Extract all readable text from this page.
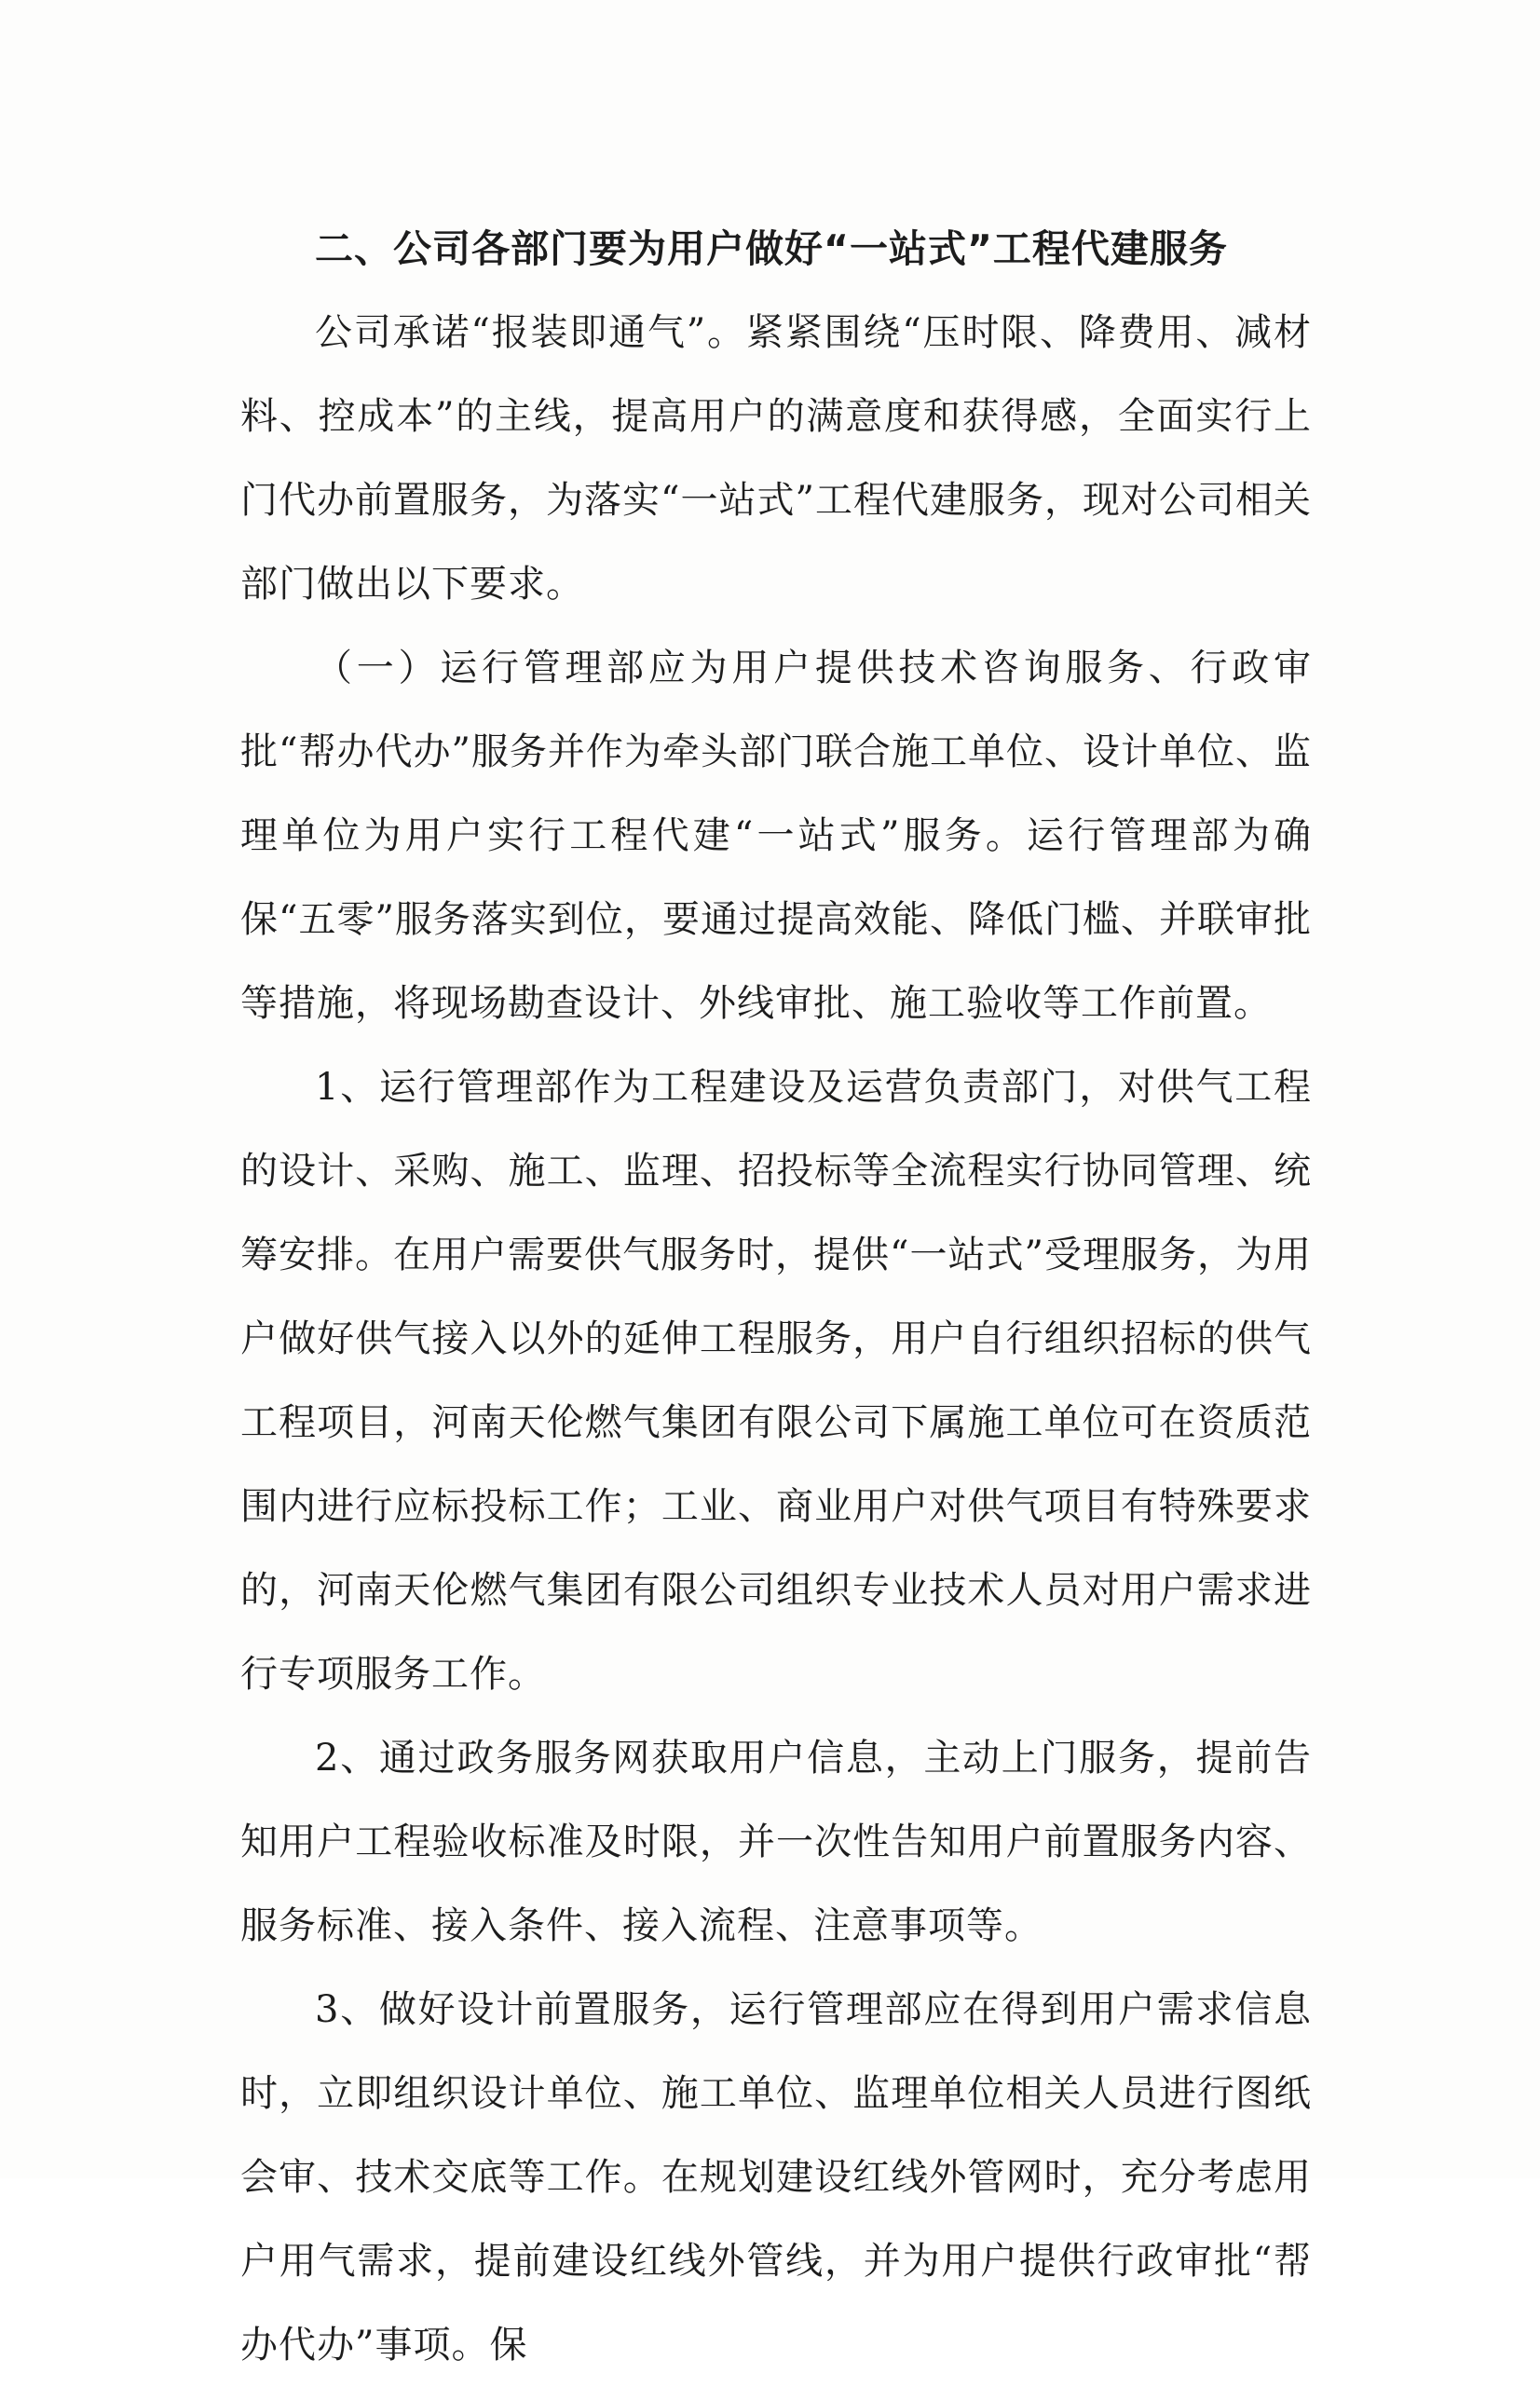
二、公司各部门要为用户做好“一站式”工程代建服务

公司承诺“报装即通气”。紧紧围绕“压时限、降费用、减材料、控成本”的主线，提高用户的满意度和获得感，全面实行上门代办前置服务，为落实“一站式”工程代建服务，现对公司相关部门做出以下要求。

（一）运行管理部应为用户提供技术咨询服务、行政审批“帮办代办”服务并作为牵头部门联合施工单位、设计单位、监理单位为用户实行工程代建“一站式”服务。运行管理部为确保“五零”服务落实到位，要通过提高效能、降低门槛、并联审批等措施，将现场勘查设计、外线审批、施工验收等工作前置。

1、运行管理部作为工程建设及运营负责部门，对供气工程的设计、采购、施工、监理、招投标等全流程实行协同管理、统筹安排。在用户需要供气服务时，提供“一站式”受理服务，为用户做好供气接入以外的延伸工程服务，用户自行组织招标的供气工程项目，河南天伦燃气集团有限公司下属施工单位可在资质范围内进行应标投标工作；工业、商业用户对供气项目有特殊要求的，河南天伦燃气集团有限公司组织专业技术人员对用户需求进行专项服务工作。

2、通过政务服务网获取用户信息，主动上门服务，提前告知用户工程验收标准及时限，并一次性告知用户前置服务内容、服务标准、接入条件、接入流程、注意事项等。

3、做好设计前置服务，运行管理部应在得到用户需求信息时，立即组织设计单位、施工单位、监理单位相关人员进行图纸会审、技术交底等工作。在规划建设红线外管网时，充分考虑用户用气需求，提前建设红线外管线，并为用户提供行政审批“帮办代办”事项。保
